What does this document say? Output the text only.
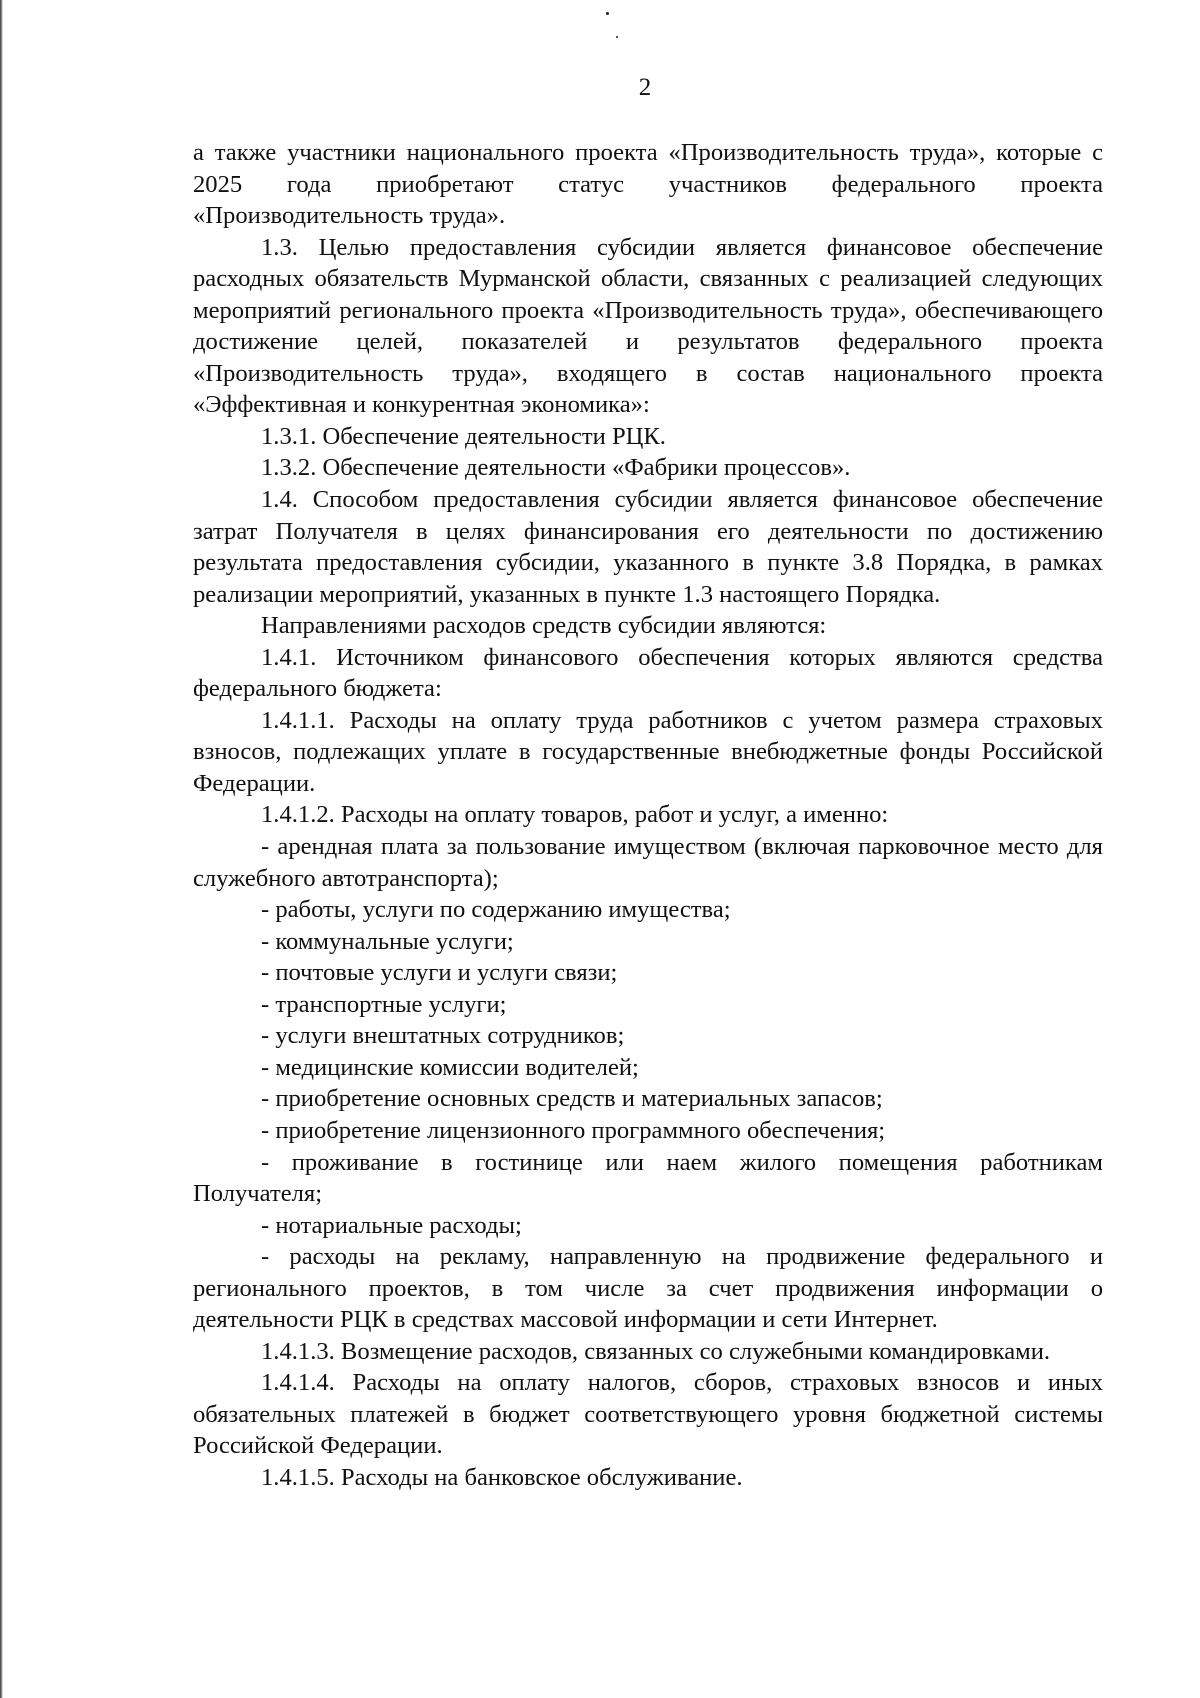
2

а также участники национального проекта «Производительность труда», которые с 2025 года приобретают статус участников федерального проекта «Производительность труда».

1.3. Целью предоставления субсидии является финансовое обеспечение расходных обязательств Мурманской области, связанных с реализацией следующих мероприятий регионального проекта «Производительность труда», обеспечивающего достижение целей, показателей и результатов федерального проекта «Производительность труда», входящего в состав национального проекта «Эффективная и конкурентная экономика»:

1.3.1. Обеспечение деятельности РЦК.

1.3.2. Обеспечение деятельности «Фабрики процессов».

1.4. Способом предоставления субсидии является финансовое обеспечение затрат Получателя в целях финансирования его деятельности по достижению результата предоставления субсидии, указанного в пункте 3.8 Порядка, в рамках реализации мероприятий, указанных в пункте 1.3 настоящего Порядка.

Направлениями расходов средств субсидии являются:

1.4.1. Источником финансового обеспечения которых являются средства федерального бюджета:

1.4.1.1. Расходы на оплату труда работников с учетом размера страховых взносов, подлежащих уплате в государственные внебюджетные фонды Российской Федерации.

1.4.1.2. Расходы на оплату товаров, работ и услуг, а именно:

- арендная плата за пользование имуществом (включая парковочное место для служебного автотранспорта);

- работы, услуги по содержанию имущества;

- коммунальные услуги;

- почтовые услуги и услуги связи;

- транспортные услуги;

- услуги внештатных сотрудников;

- медицинские комиссии водителей;

- приобретение основных средств и материальных запасов;

- приобретение лицензионного программного обеспечения;

- проживание в гостинице или наем жилого помещения работникам Получателя;

- нотариальные расходы;

- расходы на рекламу, направленную на продвижение федерального и регионального проектов, в том числе за счет продвижения информации о деятельности РЦК в средствах массовой информации и сети Интернет.

1.4.1.3. Возмещение расходов, связанных со служебными командировками.

1.4.1.4. Расходы на оплату налогов, сборов, страховых взносов и иных обязательных платежей в бюджет соответствующего уровня бюджетной системы Российской Федерации.

1.4.1.5. Расходы на банковское обслуживание.
